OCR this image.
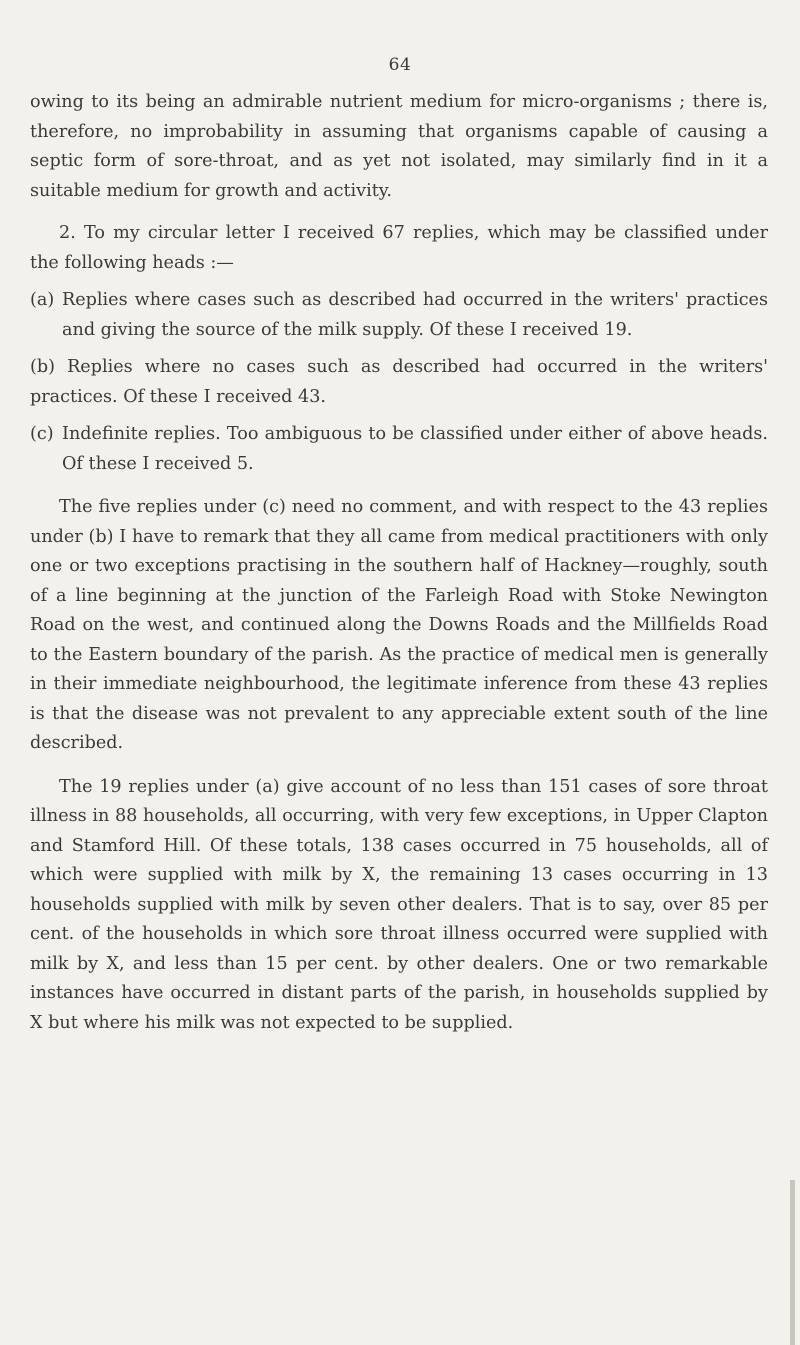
64

owing to its being an admirable nutrient medium for micro-organisms ; there is, therefore, no improbability in assuming that organisms capable of causing a septic form of sore-throat, and as yet not isolated, may similarly find in it a suitable medium for growth and activity.

2. To my circular letter I received 67 replies, which may be classified under the following heads :—

(a) Replies where cases such as described had occurred in the writers' practices and giving the source of the milk supply. Of these I received 19.
(b) Replies where no cases such as described had occurred in the writers' practices. Of these I received 43.
(c) Indefinite replies. Too ambiguous to be classified under either of above heads. Of these I received 5.

The five replies under (c) need no comment, and with respect to the 43 replies under (b) I have to remark that they all came from medical practitioners with only one or two exceptions practising in the southern half of Hackney—roughly, south of a line beginning at the junction of the Farleigh Road with Stoke Newington Road on the west, and continued along the Downs Roads and the Millfields Road to the Eastern boundary of the parish. As the practice of medical men is generally in their immediate neighbourhood, the legitimate inference from these 43 replies is that the disease was not prevalent to any appreciable extent south of the line described.

The 19 replies under (a) give account of no less than 151 cases of sore throat illness in 88 households, all occurring, with very few exceptions, in Upper Clapton and Stamford Hill. Of these totals, 138 cases occurred in 75 households, all of which were supplied with milk by X, the remaining 13 cases occurring in 13 households supplied with milk by seven other dealers. That is to say, over 85 per cent. of the households in which sore throat illness occurred were supplied with milk by X, and less than 15 per cent. by other dealers. One or two remarkable instances have occurred in distant parts of the parish, in households supplied by X but where his milk was not expected to be supplied.
